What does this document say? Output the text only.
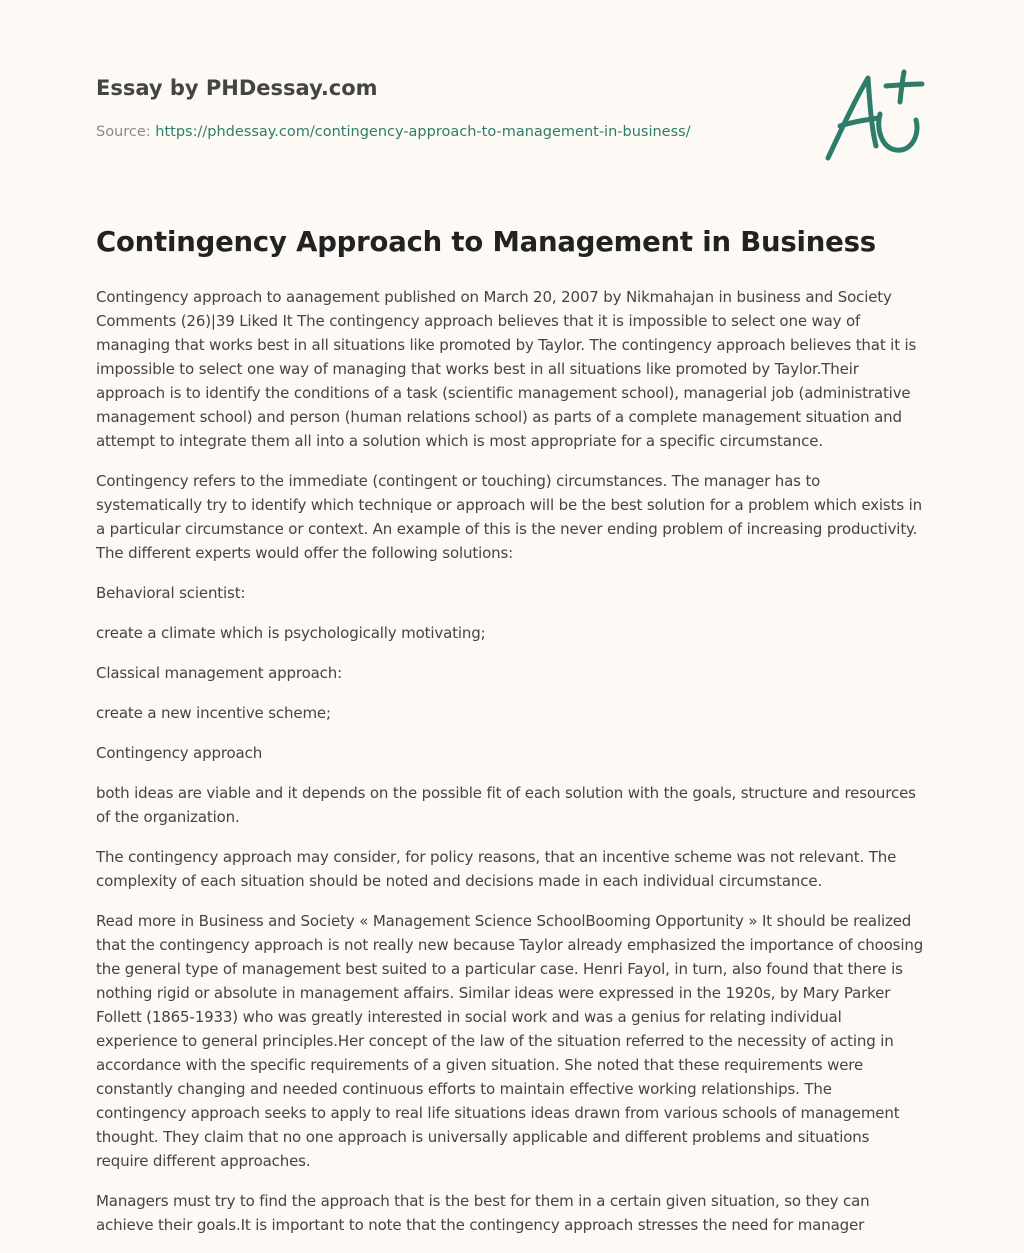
Essay by PHDessay.com
Source: https://phdessay.com/contingency-approach-to-management-in-business/
Contingency Approach to Management in Business

Contingency approach to aanagement published on March 20, 2007 by Nikmahajan in business and Society Comments (26)|39 Liked It The contingency approach believes that it is impossible to select one way of managing that works best in all situations like promoted by Taylor. The contingency approach believes that it is impossible to select one way of managing that works best in all situations like promoted by Taylor.Their approach is to identify the conditions of a task (scientific management school), managerial job (administrative management school) and person (human relations school) as parts of a complete management situation and attempt to integrate them all into a solution which is most appropriate for a specific circumstance.

Contingency refers to the immediate (contingent or touching) circumstances. The manager has to systematically try to identify which technique or approach will be the best solution for a problem which exists in a particular circumstance or context. An example of this is the never ending problem of increasing productivity. The different experts would offer the following solutions:

Behavioral scientist:

create a climate which is psychologically motivating;

Classical management approach:

create a new incentive scheme;

Contingency approach

both ideas are viable and it depends on the possible fit of each solution with the goals, structure and resources of the organization.

The contingency approach may consider, for policy reasons, that an incentive scheme was not relevant. The complexity of each situation should be noted and decisions made in each individual circumstance.

Read more in Business and Society « Management Science SchoolBooming Opportunity » It should be realized that the contingency approach is not really new because Taylor already emphasized the importance of choosing the general type of management best suited to a particular case. Henri Fayol, in turn, also found that there is nothing rigid or absolute in management affairs. Similar ideas were expressed in the 1920s, by Mary Parker Follett (1865-1933) who was greatly interested in social work and was a genius for relating individual experience to general principles.Her concept of the law of the situation referred to the necessity of acting in accordance with the specific requirements of a given situation. She noted that these requirements were constantly changing and needed continuous efforts to maintain effective working relationships. The contingency approach seeks to apply to real life situations ideas drawn from various schools of management thought. They claim that no one approach is universally applicable and different problems and situations require different approaches.

Managers must try to find the approach that is the best for them in a certain given situation, so they can achieve their goals.It is important to note that the contingency approach stresses the need for manager
